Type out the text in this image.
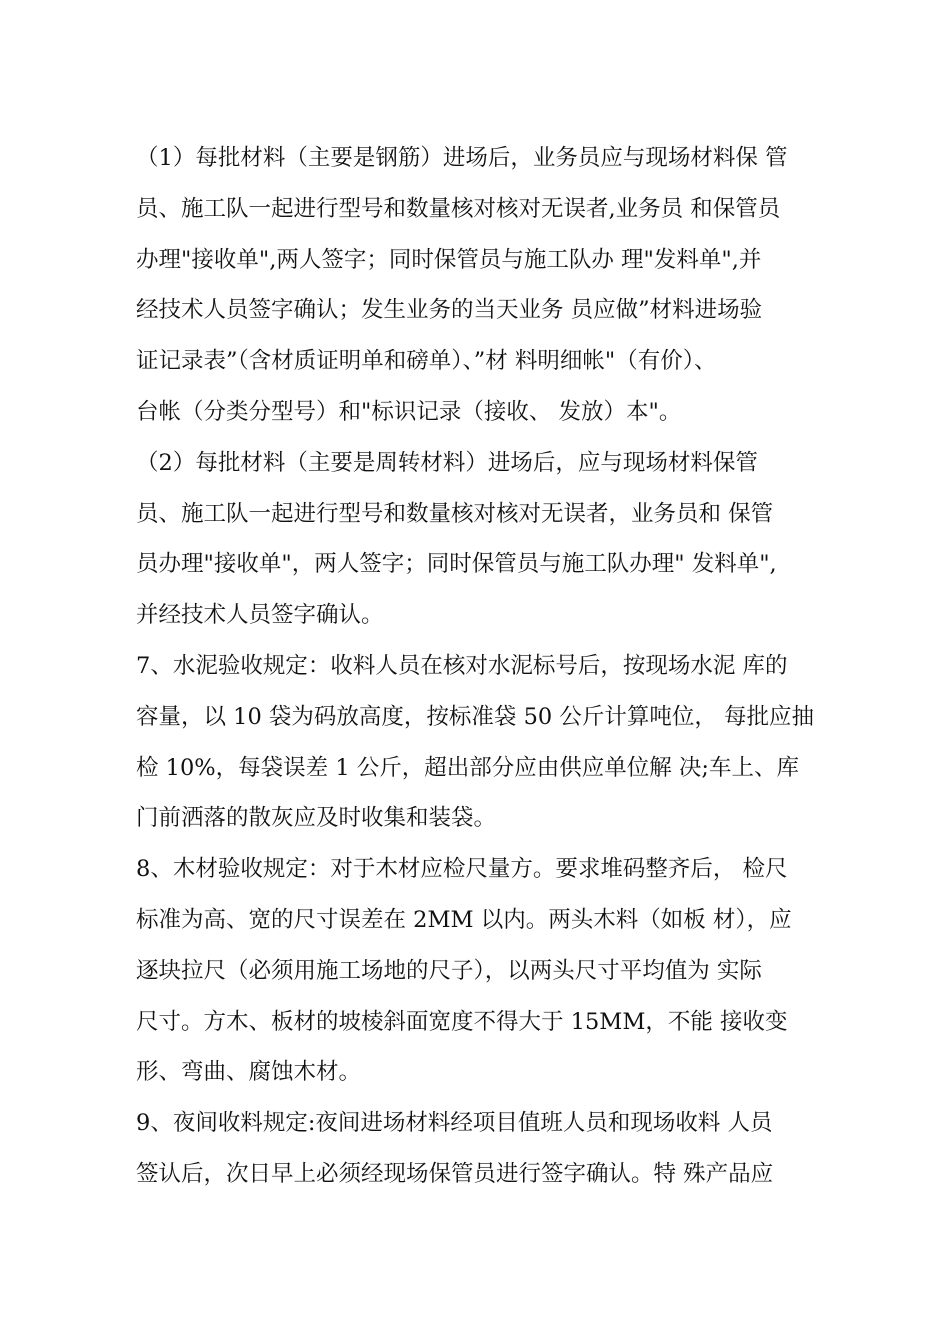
（1）每批材料（主要是钢筋）进场后，业务员应与现场材料保 管
员、施工队一起进行型号和数量核对核对无误者,业务员 和保管员
办理"接收单",两人签字；同时保管员与施工队办 理"发料单",并
经技术人员签字确认；发生业务的当天业务 员应做”材料进场验
证记录表”（含材质证明单和磅单）、”材 料明细帐"（有价）、
台帐（分类分型号）和"标识记录（接收、 发放）本"。
（2）每批材料（主要是周转材料）进场后，应与现场材料保管
员、施工队一起进行型号和数量核对核对无误者，业务员和 保管
员办理"接收单"，两人签字；同时保管员与施工队办理" 发料单",
并经技术人员签字确认。
7、水泥验收规定：收料人员在核对水泥标号后，按现场水泥 库的
容量，以 10 袋为码放高度，按标准袋 50 公斤计算吨位， 每批应抽
检 10%，每袋误差 1 公斤，超出部分应由供应单位解 决;车上、库
门前洒落的散灰应及时收集和装袋。
8、木材验收规定：对于木材应检尺量方。要求堆码整齐后， 检尺
标准为高、宽的尺寸误差在 2MM 以内。两头木料（如板 材），应
逐块拉尺（必须用施工场地的尺子），以两头尺寸平均值为 实际
尺寸。方木、板材的坡棱斜面宽度不得大于 15MM，不能 接收变
形、弯曲、腐蚀木材。
9、夜间收料规定:夜间进场材料经项目值班人员和现场收料 人员
签认后，次日早上必须经现场保管员进行签字确认。特 殊产品应
